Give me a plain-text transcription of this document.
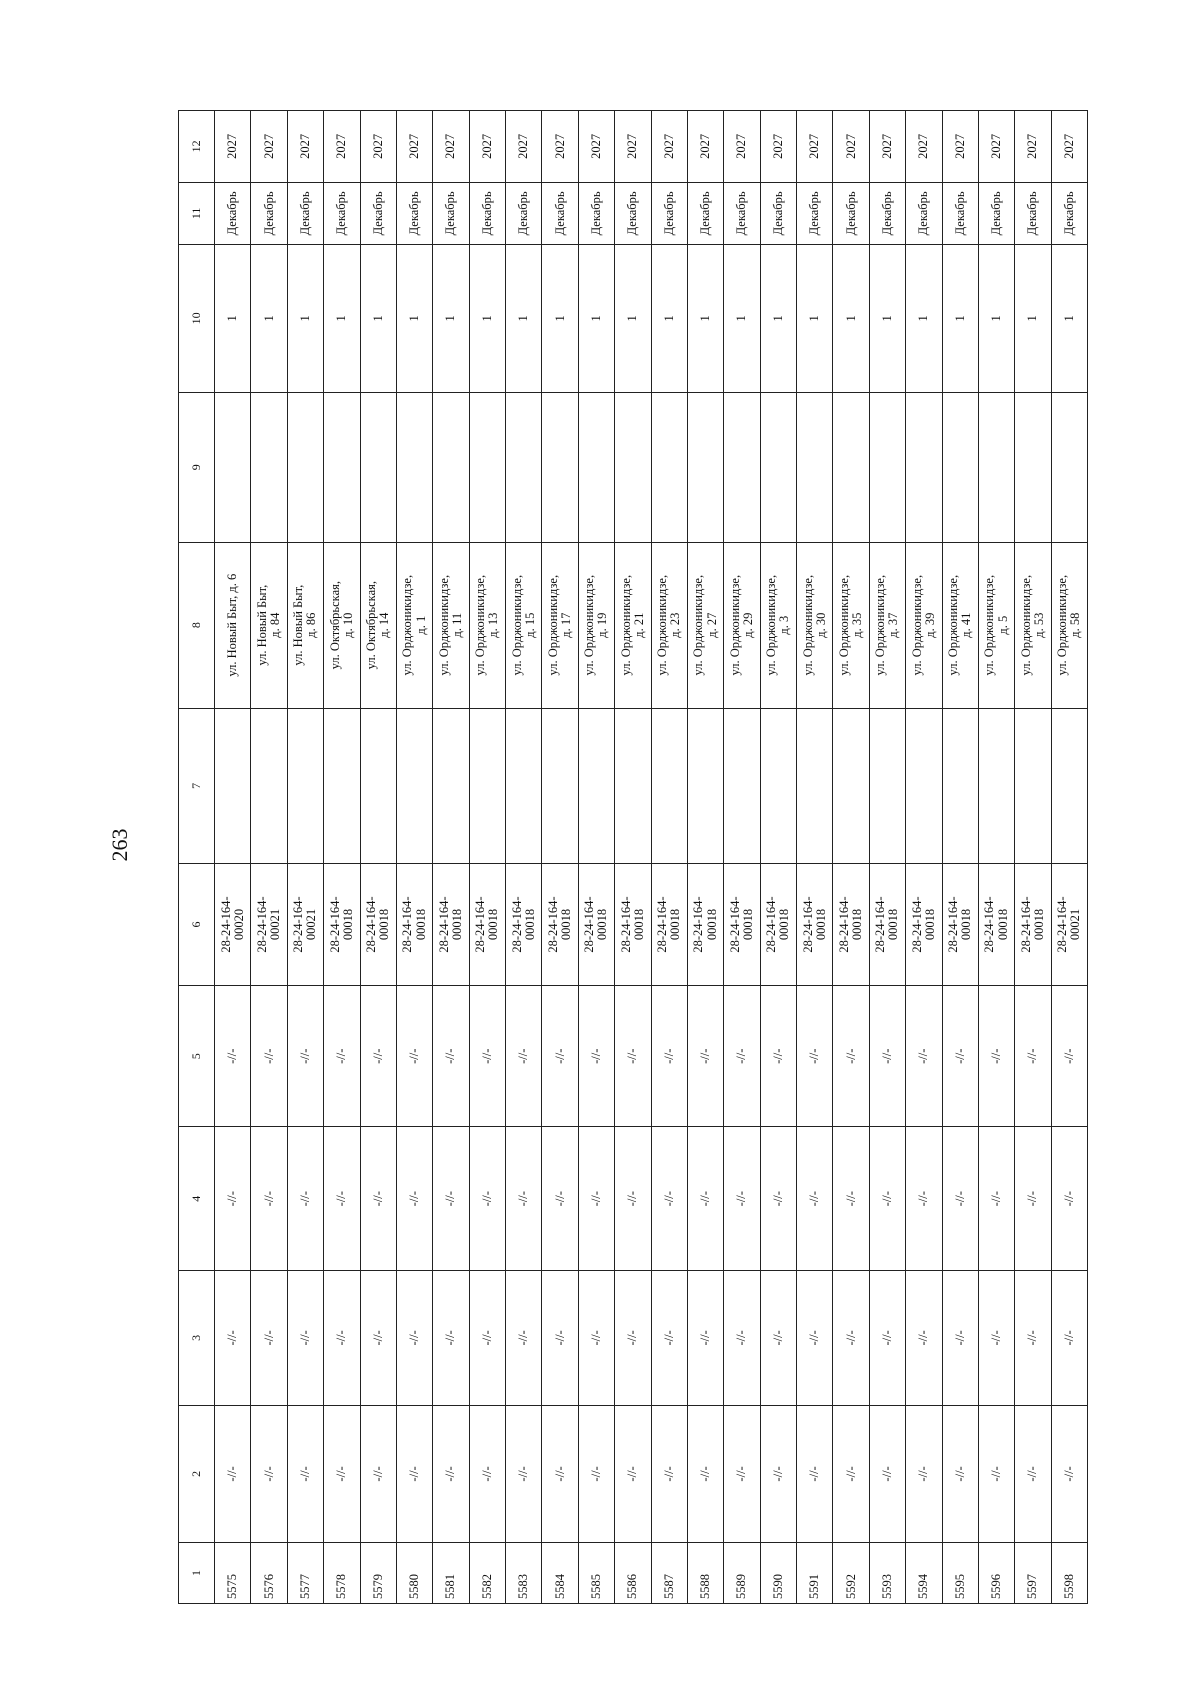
263
1	2	3	4	5	6	7	8	9	10	11	12
5575	-//-	-//-	-//-	-//-	28-24-164-
00020		ул. Новый Быт, д. 6		1	Декабрь	2027
5576	-//-	-//-	-//-	-//-	28-24-164-
00021		ул. Новый Быт,
д. 84		1	Декабрь	2027
5577	-//-	-//-	-//-	-//-	28-24-164-
00021		ул. Новый Быт,
д. 86		1	Декабрь	2027
5578	-//-	-//-	-//-	-//-	28-24-164-
00018		ул. Октябрьская,
д. 10		1	Декабрь	2027
5579	-//-	-//-	-//-	-//-	28-24-164-
00018		ул. Октябрьская,
д. 14		1	Декабрь	2027
5580	-//-	-//-	-//-	-//-	28-24-164-
00018		ул. Орджоникидзе,
д. 1		1	Декабрь	2027
5581	-//-	-//-	-//-	-//-	28-24-164-
00018		ул. Орджоникидзе,
д. 11		1	Декабрь	2027
5582	-//-	-//-	-//-	-//-	28-24-164-
00018		ул. Орджоникидзе,
д. 13		1	Декабрь	2027
5583	-//-	-//-	-//-	-//-	28-24-164-
00018		ул. Орджоникидзе,
д. 15		1	Декабрь	2027
5584	-//-	-//-	-//-	-//-	28-24-164-
00018		ул. Орджоникидзе,
д. 17		1	Декабрь	2027
5585	-//-	-//-	-//-	-//-	28-24-164-
00018		ул. Орджоникидзе,
д. 19		1	Декабрь	2027
5586	-//-	-//-	-//-	-//-	28-24-164-
00018		ул. Орджоникидзе,
д. 21		1	Декабрь	2027
5587	-//-	-//-	-//-	-//-	28-24-164-
00018		ул. Орджоникидзе,
д. 23		1	Декабрь	2027
5588	-//-	-//-	-//-	-//-	28-24-164-
00018		ул. Орджоникидзе,
д. 27		1	Декабрь	2027
5589	-//-	-//-	-//-	-//-	28-24-164-
00018		ул. Орджоникидзе,
д. 29		1	Декабрь	2027
5590	-//-	-//-	-//-	-//-	28-24-164-
00018		ул. Орджоникидзе,
д. 3		1	Декабрь	2027
5591	-//-	-//-	-//-	-//-	28-24-164-
00018		ул. Орджоникидзе,
д. 30		1	Декабрь	2027
5592	-//-	-//-	-//-	-//-	28-24-164-
00018		ул. Орджоникидзе,
д. 35		1	Декабрь	2027
5593	-//-	-//-	-//-	-//-	28-24-164-
00018		ул. Орджоникидзе,
д. 37		1	Декабрь	2027
5594	-//-	-//-	-//-	-//-	28-24-164-
00018		ул. Орджоникидзе,
д. 39		1	Декабрь	2027
5595	-//-	-//-	-//-	-//-	28-24-164-
00018		ул. Орджоникидзе,
д. 41		1	Декабрь	2027
5596	-//-	-//-	-//-	-//-	28-24-164-
00018		ул. Орджоникидзе,
д. 5		1	Декабрь	2027
5597	-//-	-//-	-//-	-//-	28-24-164-
00018		ул. Орджоникидзе,
д. 53		1	Декабрь	2027
5598	-//-	-//-	-//-	-//-	28-24-164-
00021		ул. Орджоникидзе,
д. 58		1	Декабрь	2027
